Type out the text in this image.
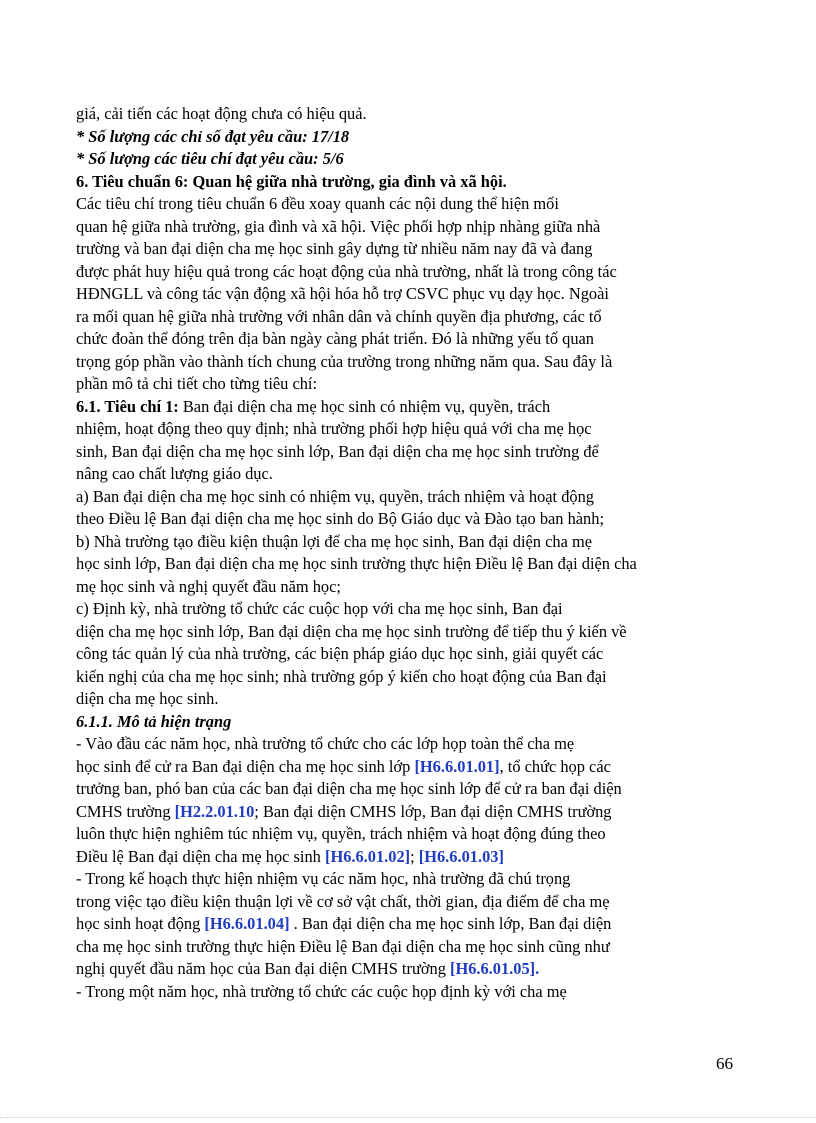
giá, cải tiến các hoạt động chưa có hiệu quả.
* Số lượng các chỉ số đạt yêu cầu: 17/18
* Số lượng các tiêu chí đạt yêu cầu: 5/6
6. Tiêu chuẩn 6: Quan hệ giữa nhà trường, gia đình và xã hội.
Các tiêu chí trong tiêu chuẩn 6 đều xoay quanh các nội dung thể hiện mối
quan hệ giữa nhà trường, gia đình và xã hội. Việc phối hợp nhịp nhàng giữa nhà
trường và ban đại diện cha mẹ học sinh gây dựng từ nhiều năm nay đã và đang
được phát huy hiệu quả trong các hoạt động của nhà trường, nhất là trong công tác
HĐNGLL và công tác vận động xã hội hóa hỗ trợ CSVC phục vụ dạy học. Ngoài
ra mối quan hệ giữa nhà trường với nhân dân và chính quyền địa phương, các tổ
chức đoàn thể đóng trên địa bàn ngày càng phát triển. Đó là những yếu tố quan
trọng góp phần vào thành tích chung của trường trong những năm qua. Sau đây là
phần mô tả chi tiết cho từng tiêu chí:
6.1. Tiêu chí 1: Ban đại diện cha mẹ học sinh có nhiệm vụ, quyền, trách
nhiệm, hoạt động theo quy định; nhà trường phối hợp hiệu quả với cha mẹ học
sinh, Ban đại diện cha mẹ học sinh lớp, Ban đại diện cha mẹ học sinh trường để
nâng cao chất lượng giáo dục.
a) Ban đại diện cha mẹ học sinh có nhiệm vụ, quyền, trách nhiệm và hoạt động
theo Điều lệ Ban đại diện cha mẹ học sinh do Bộ Giáo dục và Đào tạo ban hành;
b) Nhà trường tạo điều kiện thuận lợi để cha mẹ học sinh, Ban đại diện cha mẹ
học sinh lớp, Ban đại diện cha mẹ học sinh trường thực hiện Điều lệ Ban đại diện cha
mẹ học sinh và nghị quyết đầu năm học;
c) Định kỳ, nhà trường tổ chức các cuộc họp với cha mẹ học sinh, Ban đại
diện cha mẹ học sinh lớp, Ban đại diện cha mẹ học sinh trường để tiếp thu ý kiến về
công tác quản lý của nhà trường, các biện pháp giáo dục học sinh, giải quyết các
kiến nghị của cha mẹ học sinh; nhà trường góp ý kiến cho hoạt động của Ban đại
diện cha mẹ học sinh.
6.1.1. Mô tả hiện trạng
- Vào đầu các năm học, nhà trường tổ chức cho các lớp họp toàn thể cha mẹ
học sinh để cử ra Ban đại diện cha mẹ học sinh lớp [H6.6.01.01], tổ chức họp các
trưởng ban, phó ban của các ban đại diện cha mẹ học sinh lớp để cử ra ban đại diện
CMHS trường [H2.2.01.10; Ban đại diện CMHS lớp, Ban đại diện CMHS trường
luôn thực hiện nghiêm túc nhiệm vụ, quyền, trách nhiệm và hoạt động đúng theo
Điều lệ Ban đại diện cha mẹ học sinh [H6.6.01.02]; [H6.6.01.03]
- Trong kế hoạch thực hiện nhiệm vụ các năm học, nhà trường đã chú trọng
trong việc tạo điều kiện thuận lợi về cơ sở vật chất, thời gian, địa điểm để cha mẹ
học sinh hoạt động [H6.6.01.04] . Ban đại diện cha mẹ học sinh lớp, Ban đại diện
cha mẹ học sinh trường thực hiện Điều lệ Ban đại diện cha mẹ học sinh cũng như
nghị quyết đầu năm học của Ban đại diện CMHS trường [H6.6.01.05].
- Trong một năm học, nhà trường tổ chức các cuộc họp định kỳ với cha mẹ
66
